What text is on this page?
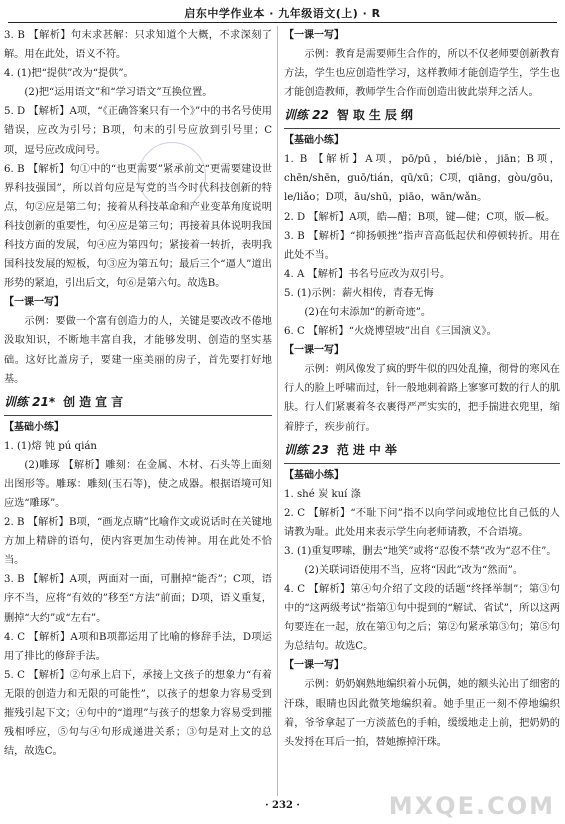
启东中学作业本 · 九年级语文(上) · R

3. B 【解析】句末求甚解：只求知道个大概，不求深刻了解。用在此处，语义不符。

4. (1)把“提供”改为“提供”。

(2)把“运用语文”和“学习语文”互换位置。

5. D 【解析】A项，“《正确答案只有一个》”中的书名号使用错误，应改为引号；B项，句末的引号应放到引号里；C项，逗号应改成问号。

6. B 【解析】句①中的“也更需要”紧承前文“更需要建设世界科技强国”，所以首句应是写党的当今时代科技创新的特点，句②应是第二句；接着从科技革命和产业变革角度说明科技创新的重要性，句④应是第三句；再接着具体说明我国科技方面的发展，句④应为第四句；紧接着一转折，表明我国科技发展的短板，句③应为第五句；最后三个“逼人”道出形势的紧迫，引出后文，句⑥是第六句。故选B。

【一课一写】

示例：要做一个富有创造力的人，关键是要改改不倦地汲取知识，不断地丰富自我，才能够发明、创造的坚实基础。这好比盖房子，要建一座美丽的房子，首先要打好地基。

训练 21* 创造宣言

【基础小练】

1. (1)熔 钝 pú qián

(2)雕琢 【解析】雕刻：在金属、木材、石头等上面刻出图形等。雕琢：雕刻(玉石等)，使之成器。根据语境可知应选“雕琢”。

2. B 【解析】B项，“画龙点睛”比喻作文或说话时在关键地方加上精辟的语句，使内容更加生动传神。用在此处不恰当。

3. B 【解析】A项，两面对一面，可删掉“能否”；C项，语序不当，应将“有效的”移至“方法”前面；D项，语义重复，删掉“大约”或“左右”。

4. C 【解析】A项和B项都运用了比喻的修辞手法，D项运用了排比的修辞手法。

5. C 【解析】②句承上启下，承接上文孩子的想象力“有着无限的创造力和无限的可能性”，以孩子的想象力容易受到摧残引起下文；④句中的“道理”与孩子的想象力容易受到摧残相呼应，⑤句与④句形成递进关系；③句是对上文的总结，故选C。

【一课一写】

示例：教育是需要师生合作的，所以不仅老师要创新教育方法，学生也应创造性学习，这样教师才能创造学生，学生也才能创造教师，教师学生合作而创造出彼此崇拜之活人。

训练 22 智取生辰纲

【基础小练】

1. B 【解析】A项，pō/pū，bié/biè，jiān；B项，chēn/shēn，guō/tián，qū/xū；C项，qiāng，gòu/gōu，le/liǎo；D项，āu/shū，piāo，wān/wǎn。

2. D 【解析】A项，皓—醋；B项，键—健；C项，版—板。

3. B 【解析】“抑扬顿挫”指声音高低起伏和停顿转折。用在此处不当。

4. A 【解析】书名号应改为双引号。

5. (1)示例：薪火相传，青春无悔

(2)在句末添加“的新奇迹”。

6. C 【解析】“火烧博望坡”出自《三国演义》。

【一课一写】

示例：朔风像发了疯的野牛似的四处乱撞，彻骨的寒风在行人的脸上呼啸而过，针一般地刺着路上寥寥可数的行人的肌肤。行人们紧裹着冬衣裹得严严实实的，把手揣进衣兜里，缩着脖子，疾步前行。

训练 23 范进中举

【基础小练】

1. shé 炭 kuí 涤

2. C 【解析】“不耻下问”指不以向学问或地位比自己低的人请教为耻。此处用来表示学生向老师请教，不合语境。

3. (1)重复啰嗦，删去“地笑”或将“忍俊不禁”改为“忍不住”。

(2)关联词语使用不当，应将“因此”改为“然而”。

4. C 【解析】第④句介绍了文段的话题“终择举制”；第③句中的“这两级考试”指第①句中提到的“解试、省试”，所以这两句要连在一起，放在第①句之后；第②句紧承第③句；第⑤句为总结句。故选C。

【一课一写】

示例：奶奶娴熟地编织着小玩偶，她的额头沁出了细密的汗珠，眼睛也因此微笑地编织着。她手里正一刻不停地编织着，爷爷拿起了一方淡蓝色的手帕，缓缓地走上前，把奶奶的头发捋在耳后一拍，替她擦掉汗珠。

· 232 ·	MXQE.COM
